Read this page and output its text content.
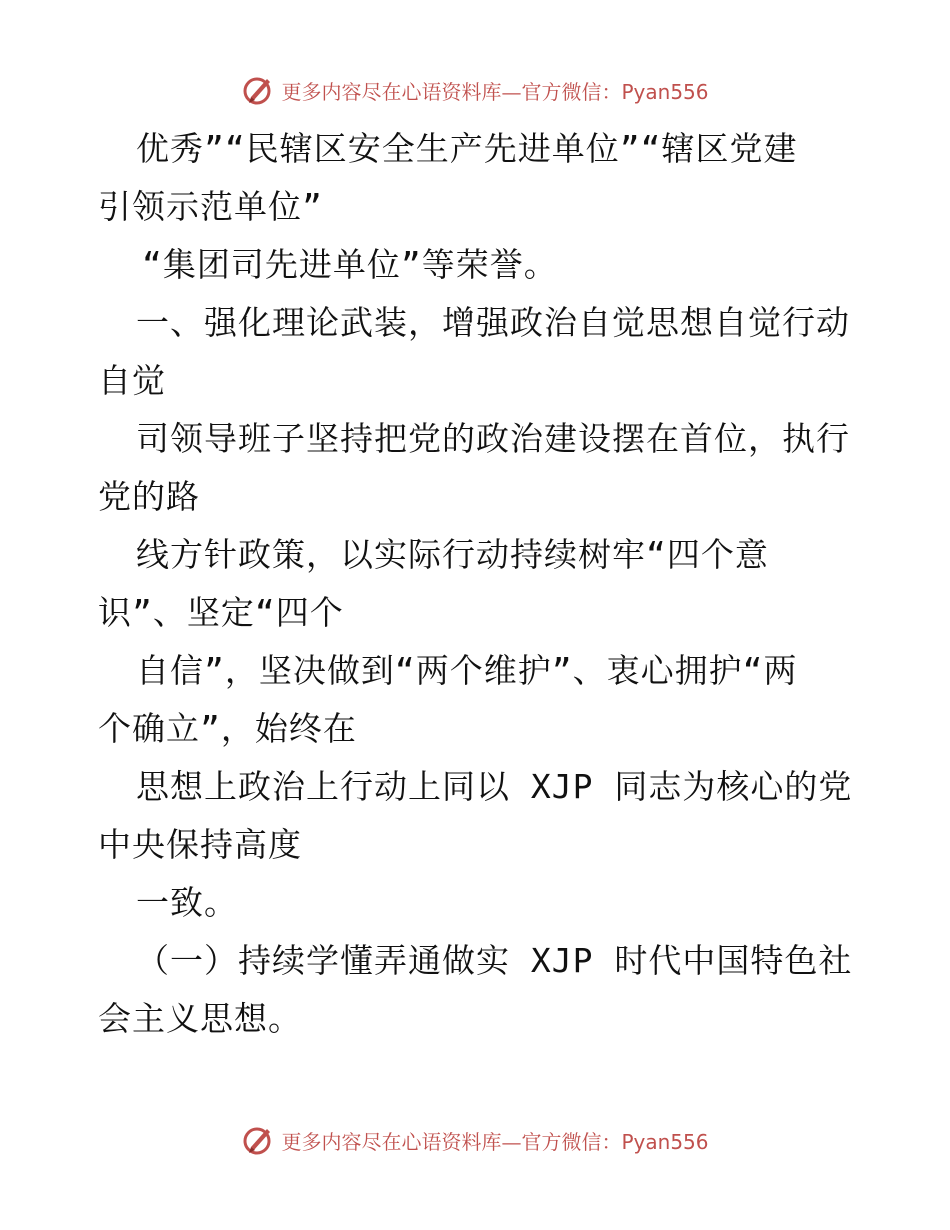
更多内容尽在心语资料库—官方微信：Pyan556
优秀”“民辖区安全生产先进单位”“辖区党建
引领示范单位”
“集团司先进单位”等荣誉。
一、强化理论武装，增强政治自觉思想自觉行动
自觉
司领导班子坚持把党的政治建设摆在首位，执行
党的路
线方针政策，以实际行动持续树牢“四个意
识”、坚定“四个
自信”，坚决做到“两个维护”、衷心拥护“两
个确立”，始终在
思想上政治上行动上同以 XJP 同志为核心的党
中央保持高度
一致。
（一）持续学懂弄通做实 XJP 时代中国特色社
会主义思想。
更多内容尽在心语资料库—官方微信：Pyan556
